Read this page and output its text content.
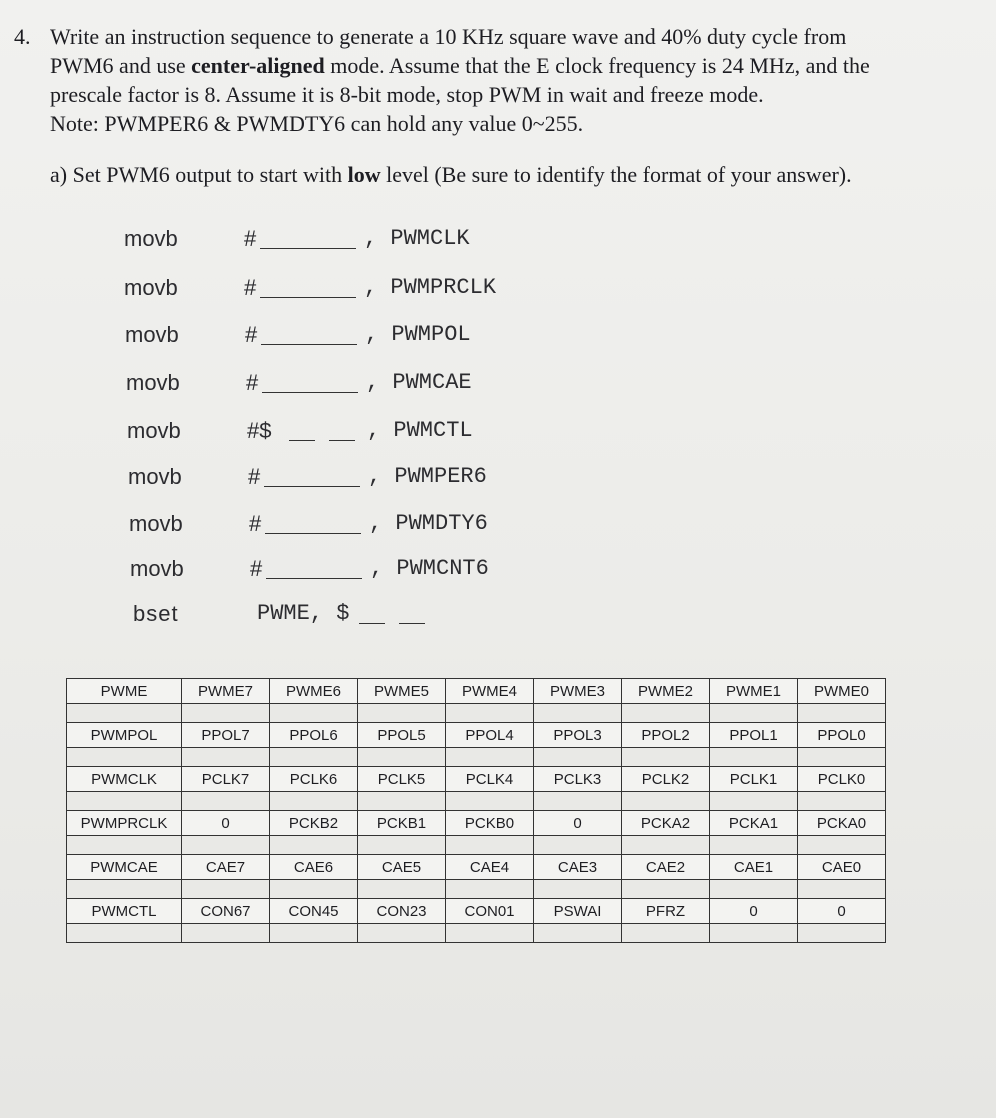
4. Write an instruction sequence to generate a 10 KHz square wave and 40% duty cycle from
PWM6 and use center-aligned mode. Assume that the E clock frequency is 24 MHz, and the
prescale factor is 8. Assume it is 8-bit mode, stop PWM in wait and freeze mode.
Note: PWMPER6 & PWMDTY6 can hold any value 0~255.
a) Set PWM6 output to start with low level (Be sure to identify the format of your answer).
movb	#	, PWMCLK
movb	#	, PWMPRCLK
movb	#	, PWMPOL
movb	#	, PWMCAE
movb	#$	, PWMCTL
movb	#	, PWMPER6
movb	#	, PWMDTY6
movb	#	, PWMCNT6
bset	PWME, $
PWME	PWME7	PWME6	PWME5	PWME4	PWME3	PWME2	PWME1	PWME0

PWMPOL	PPOL7	PPOL6	PPOL5	PPOL4	PPOL3	PPOL2	PPOL1	PPOL0

PWMCLK	PCLK7	PCLK6	PCLK5	PCLK4	PCLK3	PCLK2	PCLK1	PCLK0

PWMPRCLK	0	PCKB2	PCKB1	PCKB0	0	PCKA2	PCKA1	PCKA0

PWMCAE	CAE7	CAE6	CAE5	CAE4	CAE3	CAE2	CAE1	CAE0

PWMCTL	CON67	CON45	CON23	CON01	PSWAI	PFRZ	0	0
